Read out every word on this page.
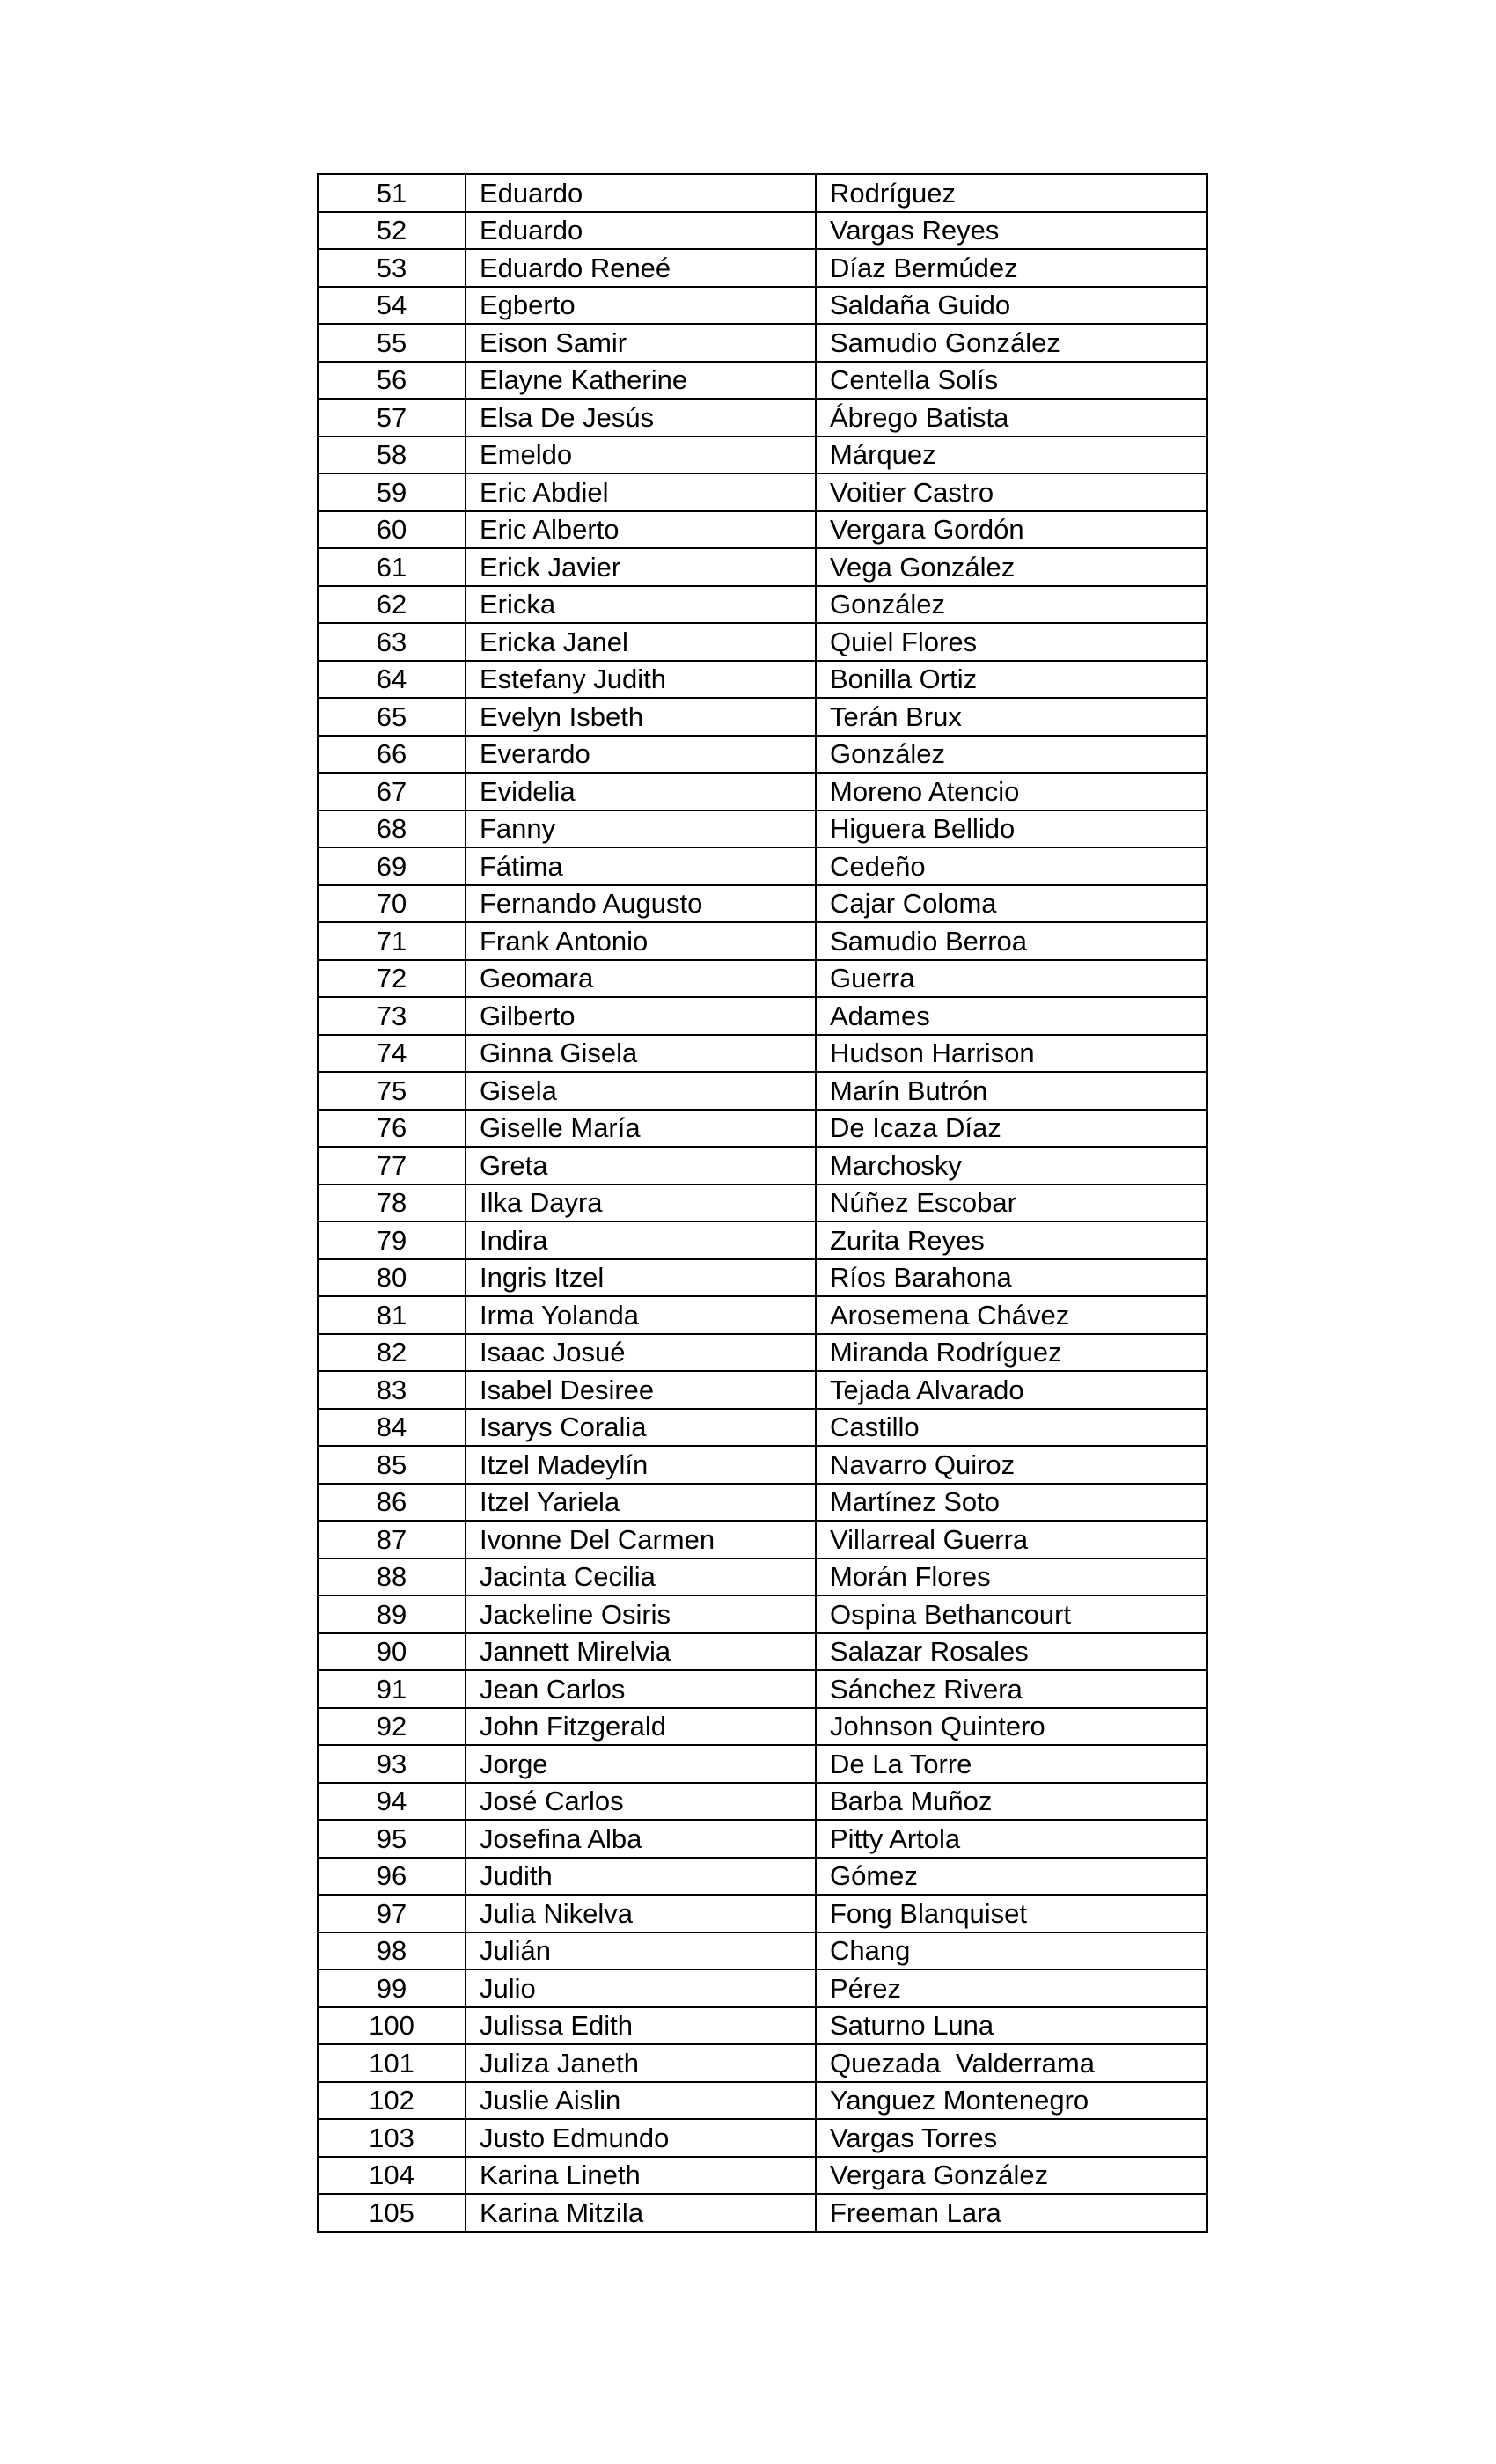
51	Eduardo	Rodríguez
52	Eduardo	Vargas Reyes
53	Eduardo Reneé	Díaz Bermúdez
54	Egberto	Saldaña Guido
55	Eison Samir	Samudio González
56	Elayne Katherine	Centella Solís
57	Elsa De Jesús	Ábrego Batista
58	Emeldo	Márquez
59	Eric Abdiel	Voitier Castro
60	Eric Alberto	Vergara Gordón
61	Erick Javier	Vega González
62	Ericka	González
63	Ericka Janel	Quiel Flores
64	Estefany Judith	Bonilla Ortiz
65	Evelyn Isbeth	Terán Brux
66	Everardo	González
67	Evidelia	Moreno Atencio
68	Fanny	Higuera Bellido
69	Fátima	Cedeño
70	Fernando Augusto	Cajar Coloma
71	Frank Antonio	Samudio Berroa
72	Geomara	Guerra
73	Gilberto	Adames
74	Ginna Gisela	Hudson Harrison
75	Gisela	Marín Butrón
76	Giselle María	De Icaza Díaz
77	Greta	Marchosky
78	Ilka Dayra	Núñez Escobar
79	Indira	Zurita Reyes
80	Ingris Itzel	Ríos Barahona
81	Irma Yolanda	Arosemena Chávez
82	Isaac Josué	Miranda Rodríguez
83	Isabel Desiree	Tejada Alvarado
84	Isarys Coralia	Castillo
85	Itzel Madeylín	Navarro Quiroz
86	Itzel Yariela	Martínez Soto
87	Ivonne Del Carmen	Villarreal Guerra
88	Jacinta Cecilia	Morán Flores
89	Jackeline Osiris	Ospina Bethancourt
90	Jannett Mirelvia	Salazar Rosales
91	Jean Carlos	Sánchez Rivera
92	John Fitzgerald	Johnson Quintero
93	Jorge	De La Torre
94	José Carlos	Barba Muñoz
95	Josefina Alba	Pitty Artola
96	Judith	Gómez
97	Julia Nikelva	Fong Blanquiset
98	Julián	Chang
99	Julio	Pérez
100	Julissa Edith	Saturno Luna
101	Juliza Janeth	Quezada  Valderrama
102	Juslie Aislin	Yanguez Montenegro
103	Justo Edmundo	Vargas Torres
104	Karina Lineth	Vergara González
105	Karina Mitzila	Freeman Lara
